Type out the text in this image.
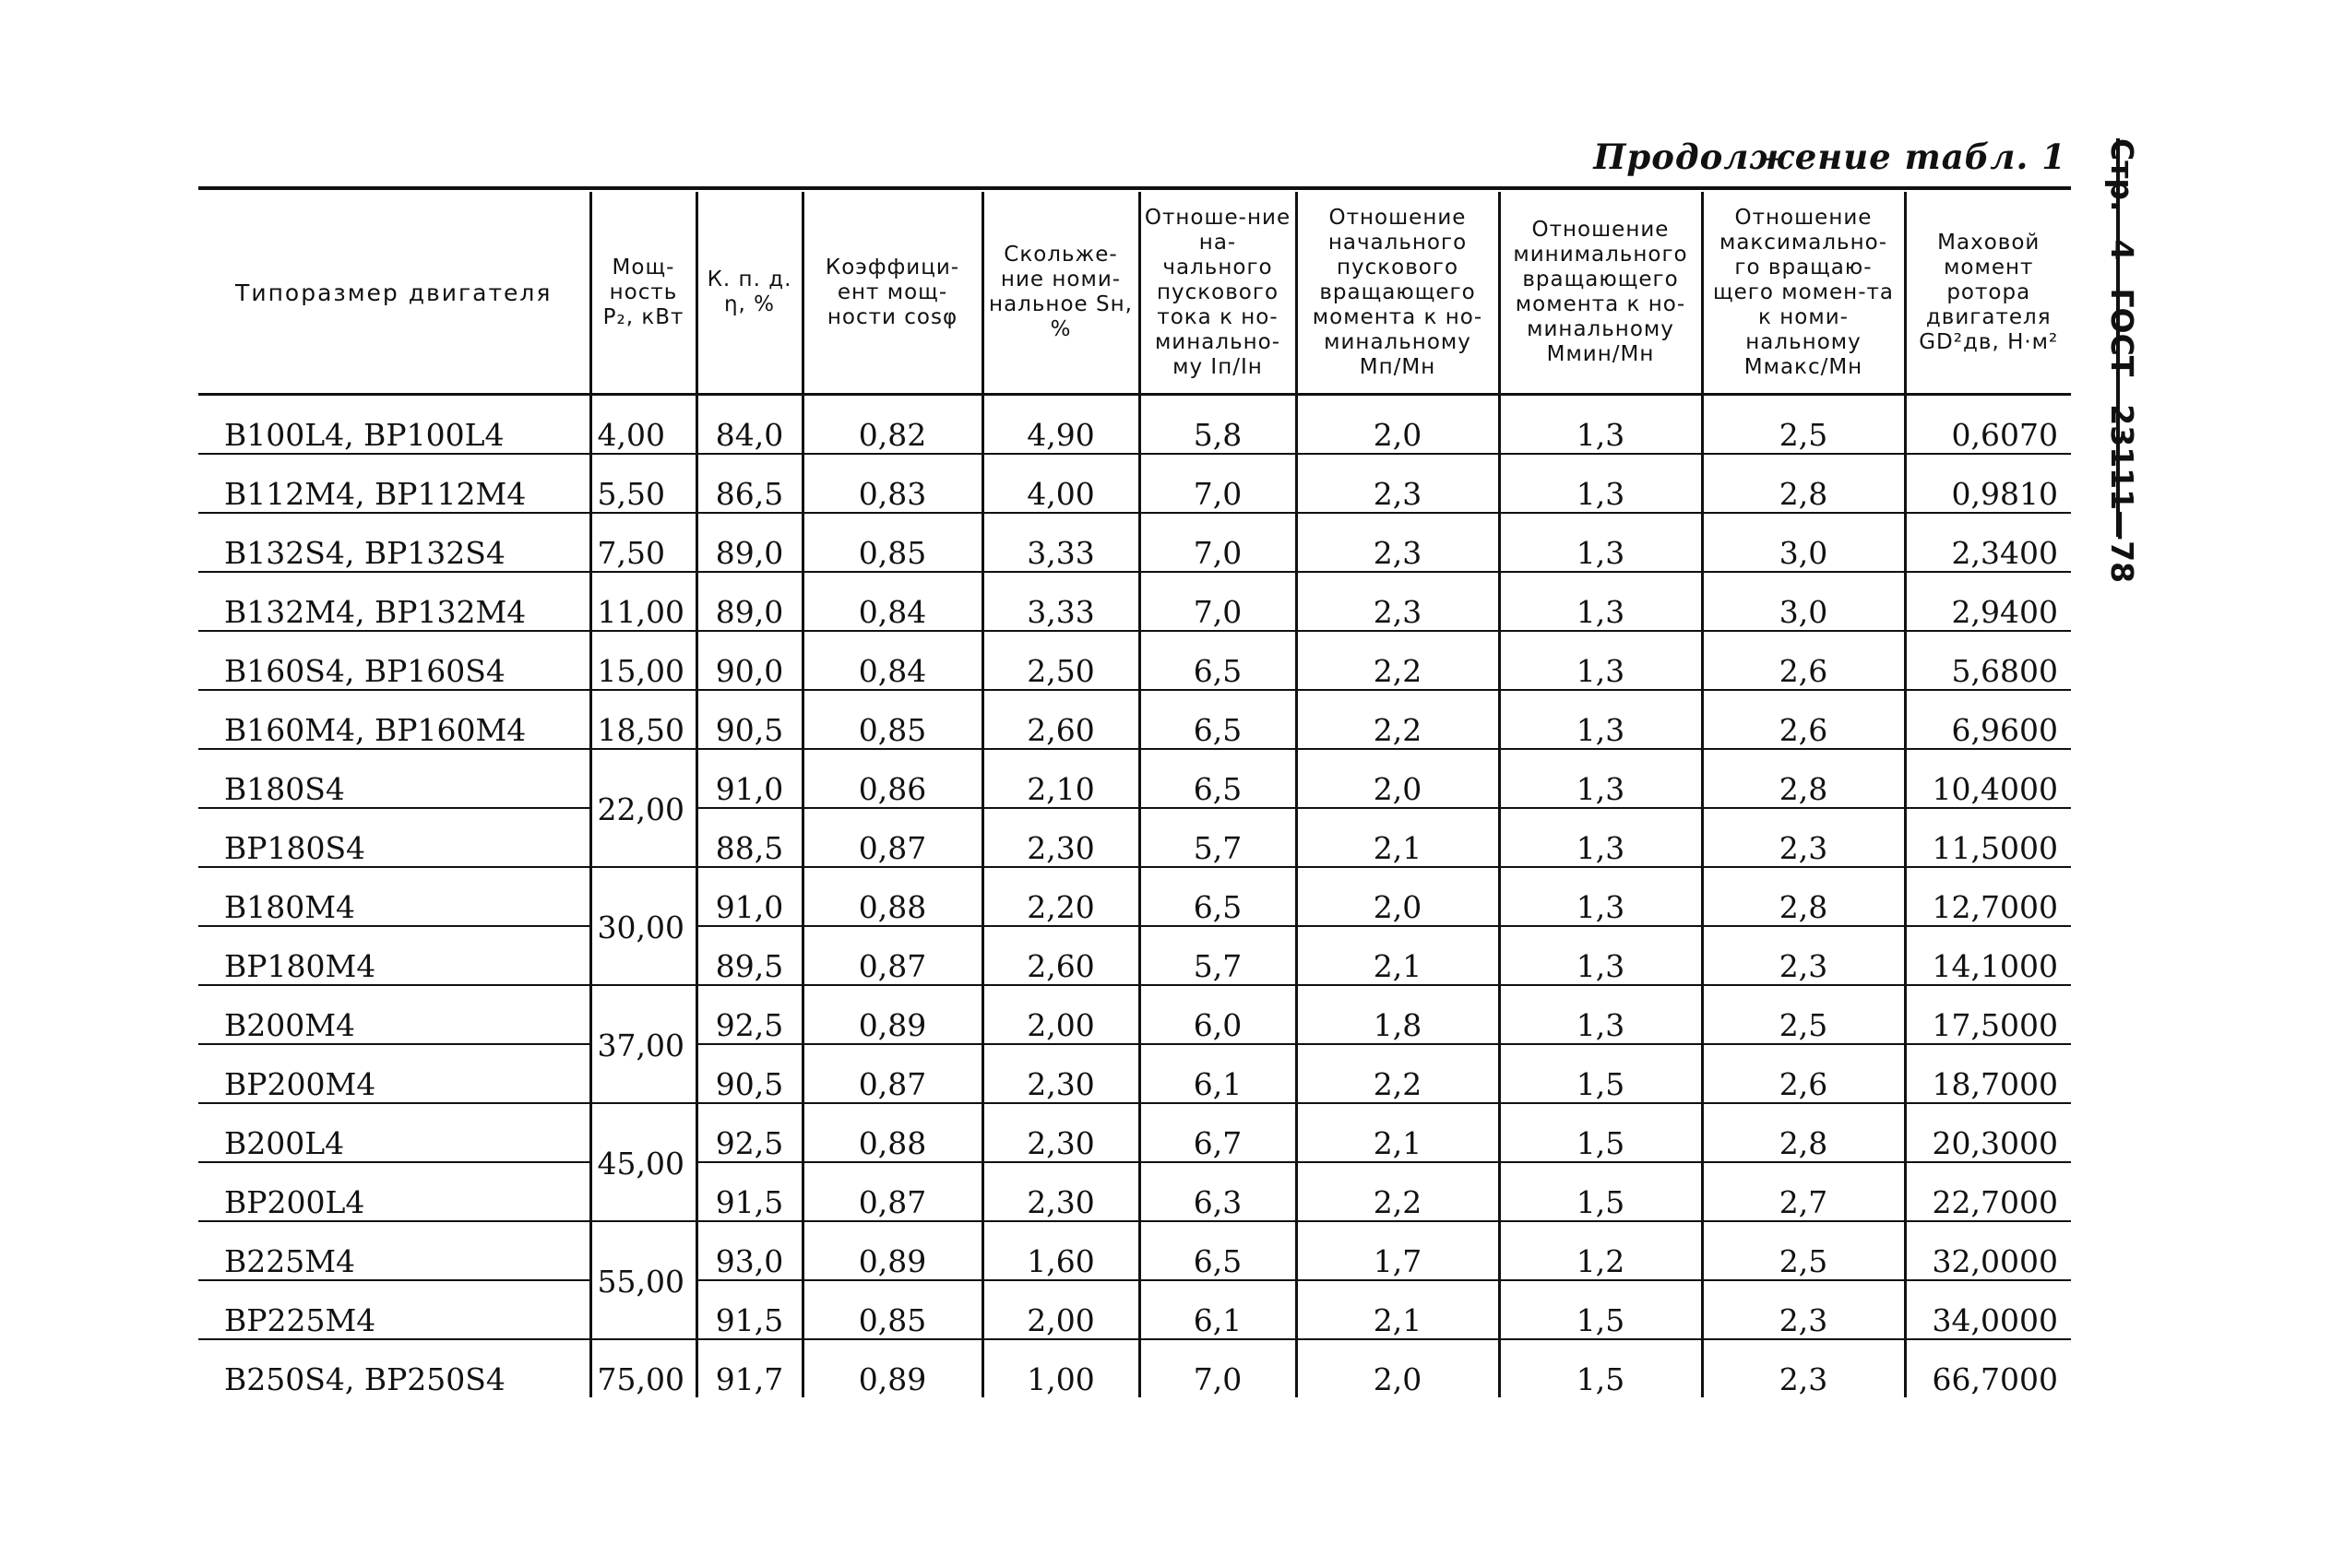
Продолжение табл. 1 Стр.4ГОСТ23111—78
Типоразмер двигателя	Мощ-ность P₂, кВт	К. п. д. η, %	Коэффици-ент мощ-ности cosφ	Скольже-ние номи-нальное Sн, %	Отноше-ние на-чального пускового тока к но-минально-му Iп/Iн	Отношение начального пускового вращающего момента к но-минальному Mп/Mн	Отношение минимального вращающего момента к но-минальному Mмин/Mн	Отношение максимально-го вращаю-щего момен-та к номи-нальному Mмакс/Mн	Маховой момент ротора двигателя GD²дв, Н·м²
В100L4, ВР100L4	4,00	84,0	0,82	4,90	5,8	2,0	1,3	2,5	0,6070
В112М4, ВР112М4	5,50	86,5	0,83	4,00	7,0	2,3	1,3	2,8	0,9810
В132S4, ВР132S4	7,50	89,0	0,85	3,33	7,0	2,3	1,3	3,0	2,3400
В132М4, ВР132М4	11,00	89,0	0,84	3,33	7,0	2,3	1,3	3,0	2,9400
В160S4, ВР160S4	15,00	90,0	0,84	2,50	6,5	2,2	1,3	2,6	5,6800
В160М4, ВР160М4	18,50	90,5	0,85	2,60	6,5	2,2	1,3	2,6	6,9600
В180S4	22,00	91,0	0,86	2,10	6,5	2,0	1,3	2,8	10,4000
ВР180S4		88,5	0,87	2,30	5,7	2,1	1,3	2,3	11,5000
В180М4	30,00	91,0	0,88	2,20	6,5	2,0	1,3	2,8	12,7000
ВР180М4		89,5	0,87	2,60	5,7	2,1	1,3	2,3	14,1000
В200М4	37,00	92,5	0,89	2,00	6,0	1,8	1,3	2,5	17,5000
ВР200М4		90,5	0,87	2,30	6,1	2,2	1,5	2,6	18,7000
В200L4	45,00	92,5	0,88	2,30	6,7	2,1	1,5	2,8	20,3000
ВР200L4		91,5	0,87	2,30	6,3	2,2	1,5	2,7	22,7000
В225М4	55,00	93,0	0,89	1,60	6,5	1,7	1,2	2,5	32,0000
ВР225М4		91,5	0,85	2,00	6,1	2,1	1,5	2,3	34,0000
В250S4, ВР250S4	75,00	91,7	0,89	1,00	7,0	2,0	1,5	2,3	66,7000
